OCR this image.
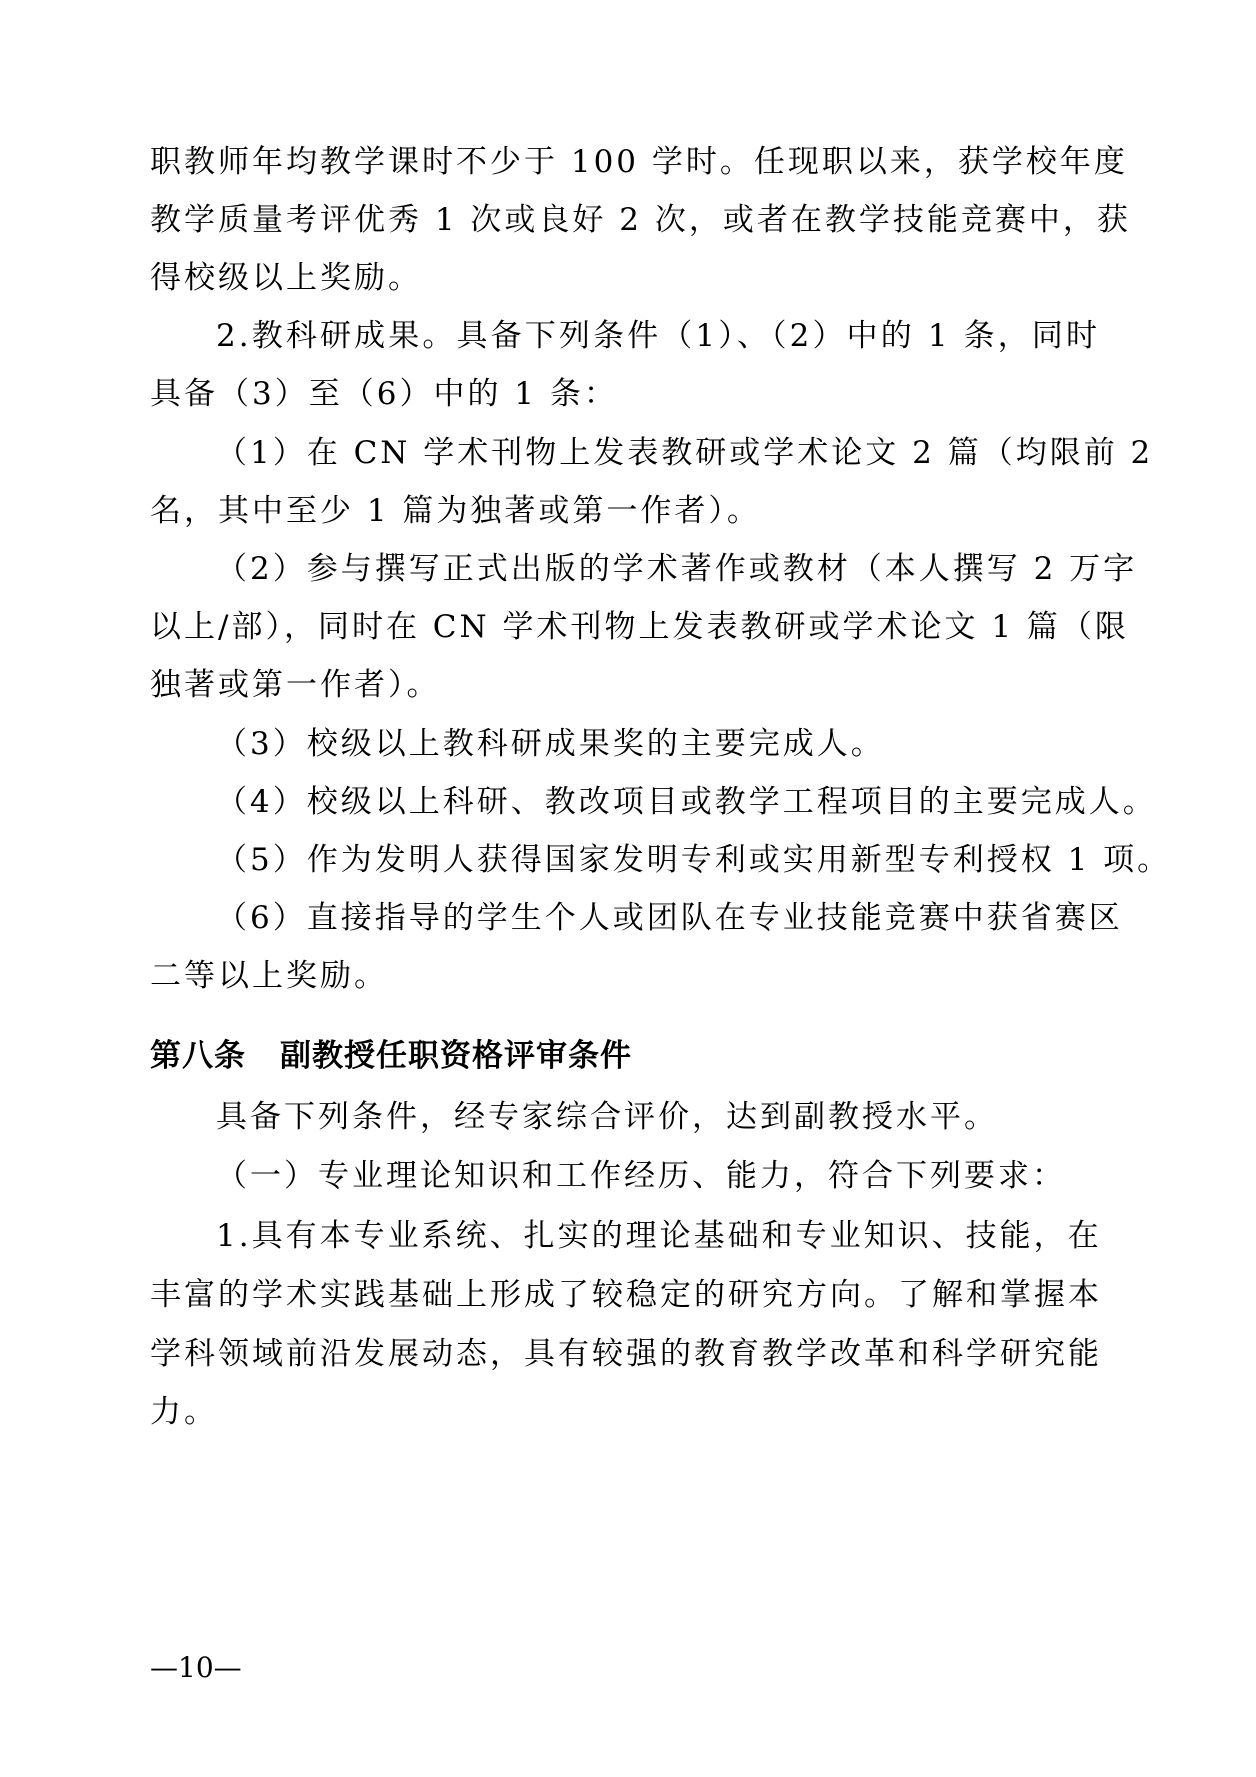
职教师年均教学课时不少于 100 学时。任现职以来，获学校年度
教学质量考评优秀 1 次或良好 2 次，或者在教学技能竞赛中，获
得校级以上奖励。
2.教科研成果。具备下列条件（1）、（2）中的 1 条，同时
具备（3）至（6）中的 1 条：
（1）在 CN 学术刊物上发表教研或学术论文 2 篇（均限前 2
名，其中至少 1 篇为独著或第一作者）。
（2）参与撰写正式出版的学术著作或教材（本人撰写 2 万字
以上/部），同时在 CN 学术刊物上发表教研或学术论文 1 篇（限
独著或第一作者）。
（3）校级以上教科研成果奖的主要完成人。
（4）校级以上科研、教改项目或教学工程项目的主要完成人。
（5）作为发明人获得国家发明专利或实用新型专利授权 1 项。
（6）直接指导的学生个人或团队在专业技能竞赛中获省赛区
二等以上奖励。
第八条 副教授任职资格评审条件
具备下列条件，经专家综合评价，达到副教授水平。
（一）专业理论知识和工作经历、能力，符合下列要求：
1.具有本专业系统、扎实的理论基础和专业知识、技能，在
丰富的学术实践基础上形成了较稳定的研究方向。了解和掌握本
学科领域前沿发展动态，具有较强的教育教学改革和科学研究能
力。
—10—
